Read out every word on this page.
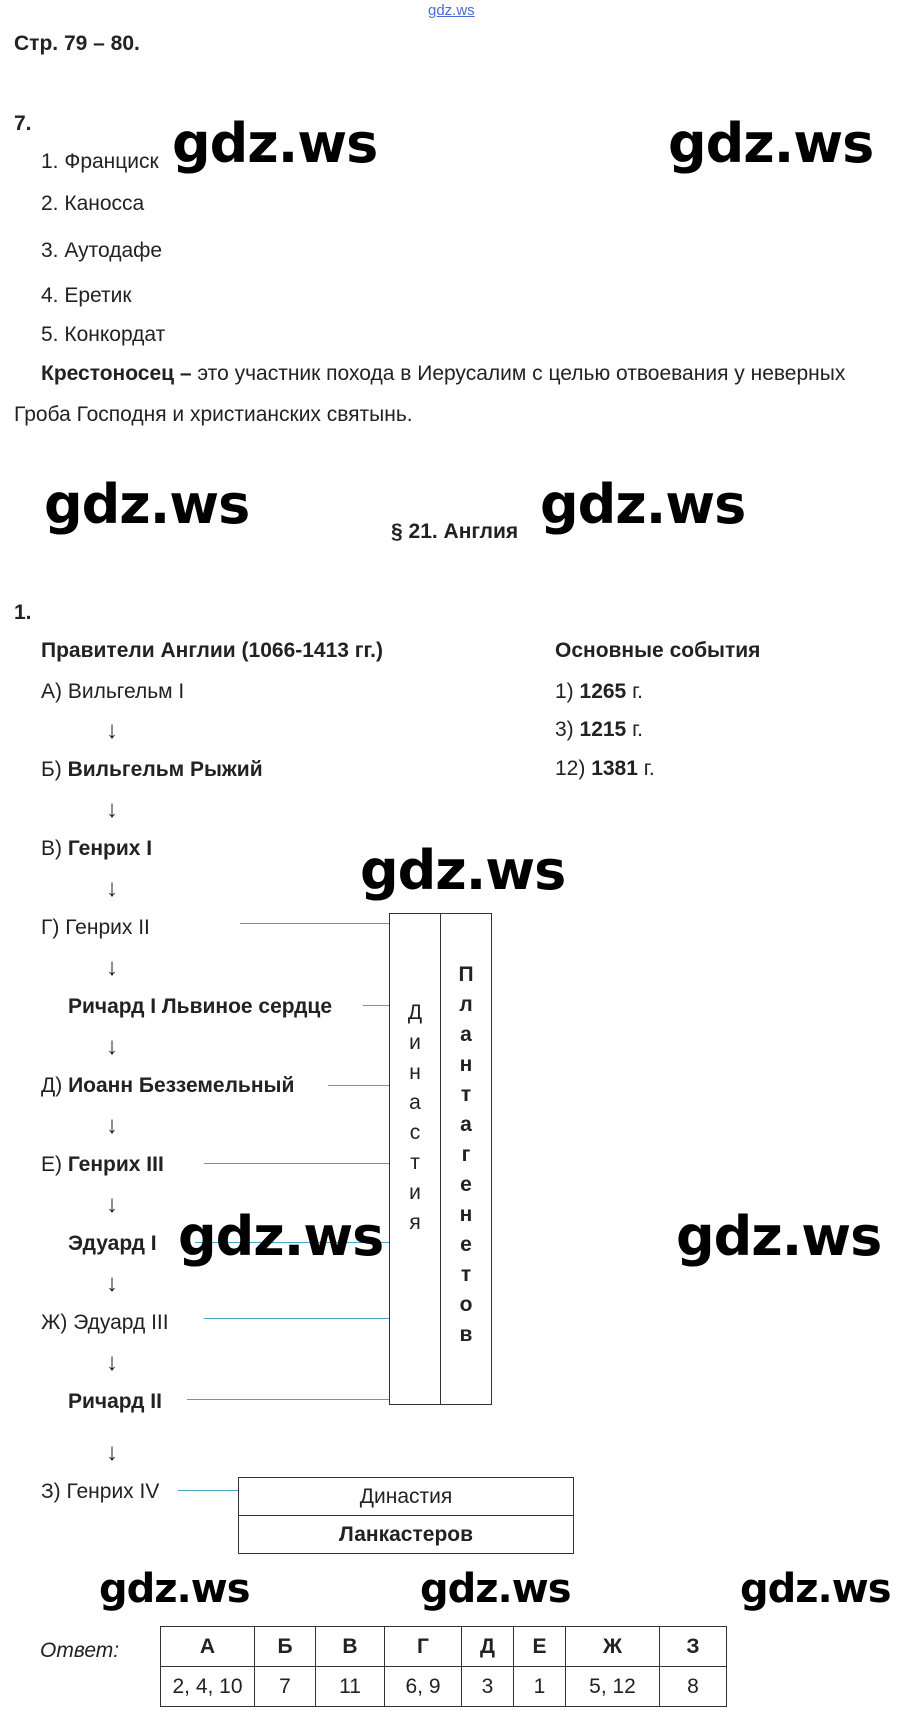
gdz.ws
Стр. 79 – 80.
7.
1. Франциск
2. Каносса
3. Аутодафе
4. Еретик
5. Конкордат
Крестоносец – это участник похода в Иерусалим с целью отвоевания у неверных
Гроба Господня и христианских святынь.
§ 21. Англия
1.
Правители Англии (1066-1413 гг.)	Основные события
1) 1265 г.
3) 1215 г.
12) 1381 г.
А) Вильгельм I
↓
Б) Вильгельм Рыжий
↓
В) Генрих I
↓
Г) Генрих II
↓
Ричард I Львиное сердце
↓
Д) Иоанн Безземельный
↓
Е) Генрих III
↓
Эдуард I
↓
Ж) Эдуард III
↓
Ричард II
↓
З) Генрих IV
Д
и
н
а
с
т
и
я
П
л
а
н
т
а
г
е
н
е
т
о
в
Династия
Ланкастеров
Ответ:	А	Б	В	Г	Д	Е	Ж	З
2, 4, 10	7	11	6, 9	3	1	5, 12	8
gdz.ws	gdz.ws
gdz.ws	gdz.ws
gdz.ws
gdz.ws	gdz.ws
gdz.ws	gdz.ws	gdz.ws
